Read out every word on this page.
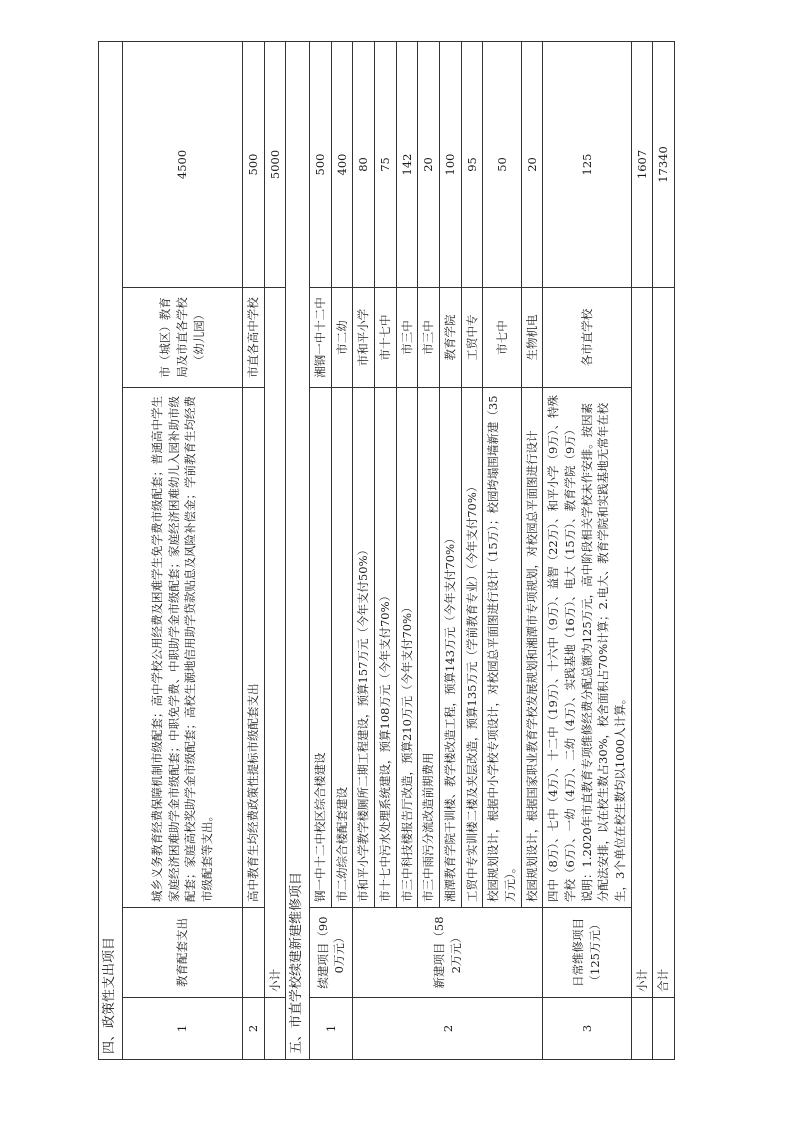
四、政策性支出项目				
1	教育配套支出	城乡义务教育经费保障机制市级配套；高中学校公用经费及困难学生免学费市级配套；普通高中学生家庭经济困难助学金市级配套；中职免学费、中职助学金市级配套；家庭经济困难幼儿入园补助市级配套；家庭高校奖助学金市级配套；高校生源地信用助学贷款贴息及风险补偿金；学前教育生均经费市级配套等支出。	市（城区）教育局及市直各学校（幼儿园）	4500
2		高中教育生均经费政策性提标市级配套支出	市直各高中学校	500
	小计			5000
五、市直学校续建新建维修项目				
1	续建项目（900万元）	钢一中十二中校区综合楼建设	湘钢一中十二中	500
		市二幼综合楼配套建设	市二幼	400
2	新建项目（582万元）	市和平小学教学楼厕所二期工程建设，预算157万元（今年支付50%）	市和平小学	80
		市十七中污水处理系统建设，预算108万元（今年支付70%）	市十七中	75
		市三中科技楼报告厅改造，预算210万元（今年支付70%）	市三中	142
		市三中雨污分流改造前期费用	市三中	20
		湘潭教育学院干训楼、教学楼改造工程，预算143万元（今年支付70%）	教育学院	100
		工贸中专实训楼二楼及夹层改造，预算135万元（学前教育专业）（今年支付70%）	工贸中专	95
		校园规划设计，根据中小学校专项设计，对校园总平面图进行设计（15万）；校园垮塌围墙新建（35万元）。	市七中	50
		校园规划设计，根据国家职业教育学校发展规划和湘潭市专项规划，对校园总平面图进行设计	生物机电	20
3	日常维修项目（125万元）	四中（8万）、七中（4万）、十二中（19万）、十六中（9万）、益智（22万）、和平小学（9万）、特殊学校（6万）、一幼（4万）、二幼（4万）、实践基地（16万）、电大（15万）、教育学院（9万） 说明：1.2020年市直教育专项维修经费分配总额为125万元，高中阶段相关学校未作安排。按因素分配法安排，以在校生数占30%，校舍面积占70%计算；2.电大、教育学院和实践基地无常年在校生，3个单位在校生数均以1000人计算。	各市直学校	125
	小计			1607
	合计			17340
